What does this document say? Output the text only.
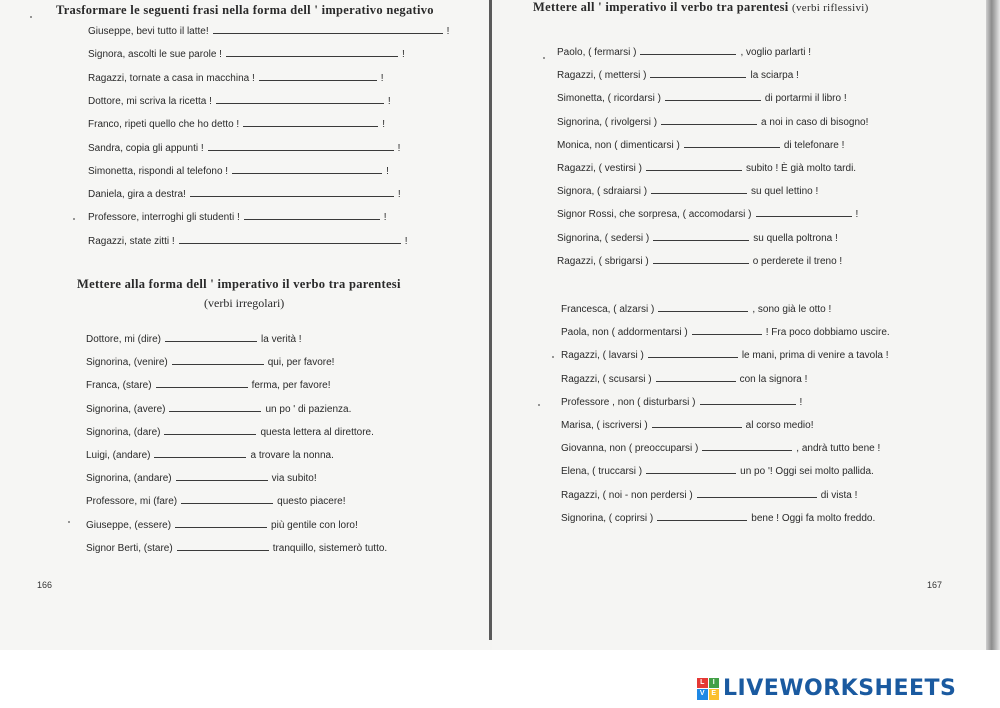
Trasformare le seguenti frasi nella forma dell ' imperativo negativo
Giuseppe, bevi tutto il latte!	!
Signora, ascolti le sue parole !	!
Ragazzi, tornate a casa in macchina !	!
Dottore, mi scriva la ricetta !	!
Franco, ripeti quello che ho detto !	!
Sandra, copia gli appunti !	!
Simonetta, rispondi al telefono !	!
Daniela, gira a destra!	!
Professore, interroghi gli studenti !	!
Ragazzi, state zitti !	!
Mettere alla forma dell ' imperativo il verbo tra parentesi
(verbi irregolari)
Dottore, mi (dire)	la verità !
Signorina, (venire)	qui, per favore!
Franca, (stare)	ferma, per favore!
Signorina, (avere)	un po ' di pazienza.
Signorina, (dare)	questa lettera al direttore.
Luigi, (andare)	a trovare la nonna.
Signorina, (andare)	via subito!
Professore, mi (fare)	questo piacere!
Giuseppe, (essere)	più gentile con loro!
Signor Berti, (stare)	tranquillo, sistemerò tutto.
166
Mettere all ' imperativo il verbo tra parentesi (verbi riflessivi)
Paolo, ( fermarsi )	, voglio parlarti !
Ragazzi, ( mettersi )	la sciarpa !
Simonetta, ( ricordarsi )	di portarmi il libro !
Signorina, ( rivolgersi )	a noi in caso di bisogno!
Monica, non ( dimenticarsi )	di telefonare !
Ragazzi, ( vestirsi )	subito ! È già molto tardi.
Signora, ( sdraiarsi )	su quel lettino !
Signor Rossi, che sorpresa, ( accomodarsi )	!
Signorina, ( sedersi )	su quella poltrona !
Ragazzi, ( sbrigarsi )	o perderete il treno !
Francesca, ( alzarsi )	, sono già le otto !
Paola, non ( addormentarsi )	! Fra poco dobbiamo uscire.
Ragazzi, ( lavarsi )	le mani, prima di venire a tavola !
Ragazzi, ( scusarsi )	con la signora !
Professore , non ( disturbarsi )	!
Marisa, ( iscriversi )	al corso medio!
Giovanna, non ( preoccuparsi )	, andrà tutto bene !
Elena, ( truccarsi )	un po '! Oggi sei molto pallida.
Ragazzi, ( noi - non perdersi )	di vista !
Signorina, ( coprirsi )	bene ! Oggi fa molto freddo.
167
L	I
V E LIVEWORKSHEETS
